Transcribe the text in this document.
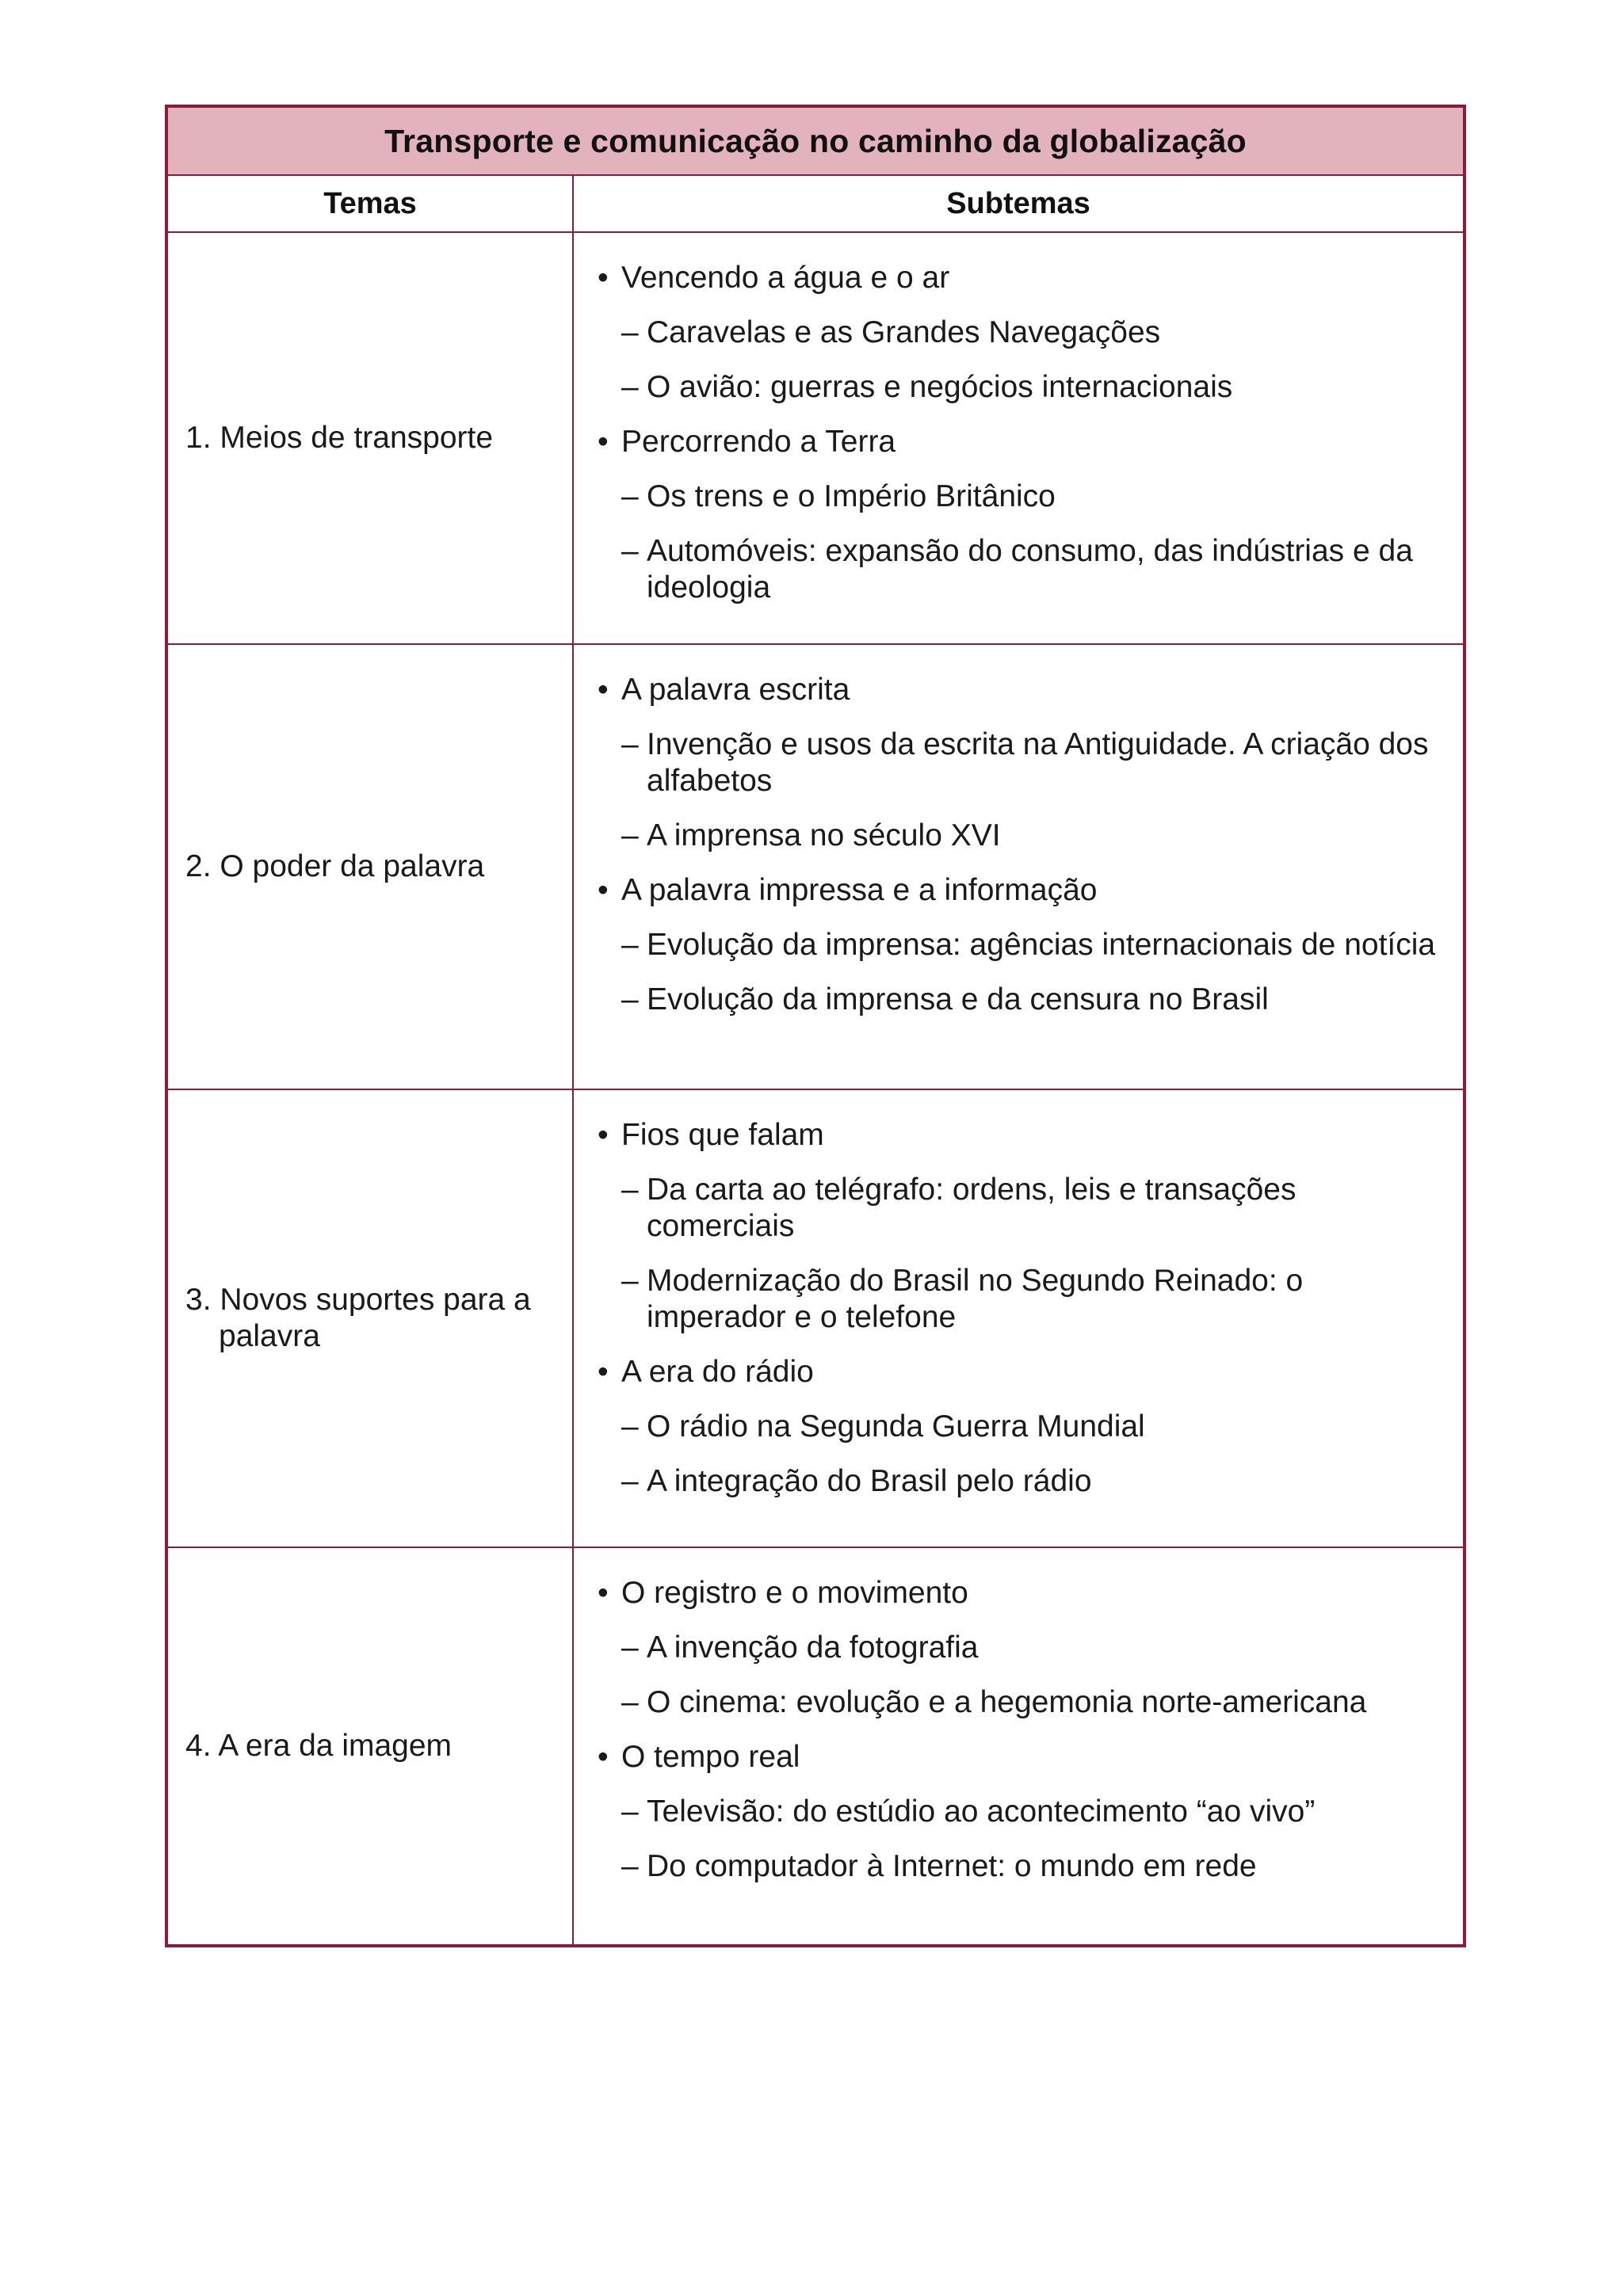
Transporte e comunicação no caminho da globalização
Temas	Subtemas
1. Meios de transporte
• Vencendo a água e o ar
– Caravelas e as Grandes Navegações
– O avião: guerras e negócios internacionais
• Percorrendo a Terra
– Os trens e o Império Britânico
– Automóveis: expansão do consumo, das indústrias e da ideologia
2. O poder da palavra
• A palavra escrita
– Invenção e usos da escrita na Antiguidade. A criação dos alfabetos
– A imprensa no século XVI
• A palavra impressa e a informação
– Evolução da imprensa: agências internacionais de notícia
– Evolução da imprensa e da censura no Brasil
3. Novos suportes para a palavra
• Fios que falam
– Da carta ao telégrafo: ordens, leis e transações comerciais
– Modernização do Brasil no Segundo Reinado: o imperador e o telefone
• A era do rádio
– O rádio na Segunda Guerra Mundial
– A integração do Brasil pelo rádio
4. A era da imagem
• O registro e o movimento
– A invenção da fotografia
– O cinema: evolução e a hegemonia norte-americana
• O tempo real
– Televisão: do estúdio ao acontecimento “ao vivo”
– Do computador à Internet: o mundo em rede
